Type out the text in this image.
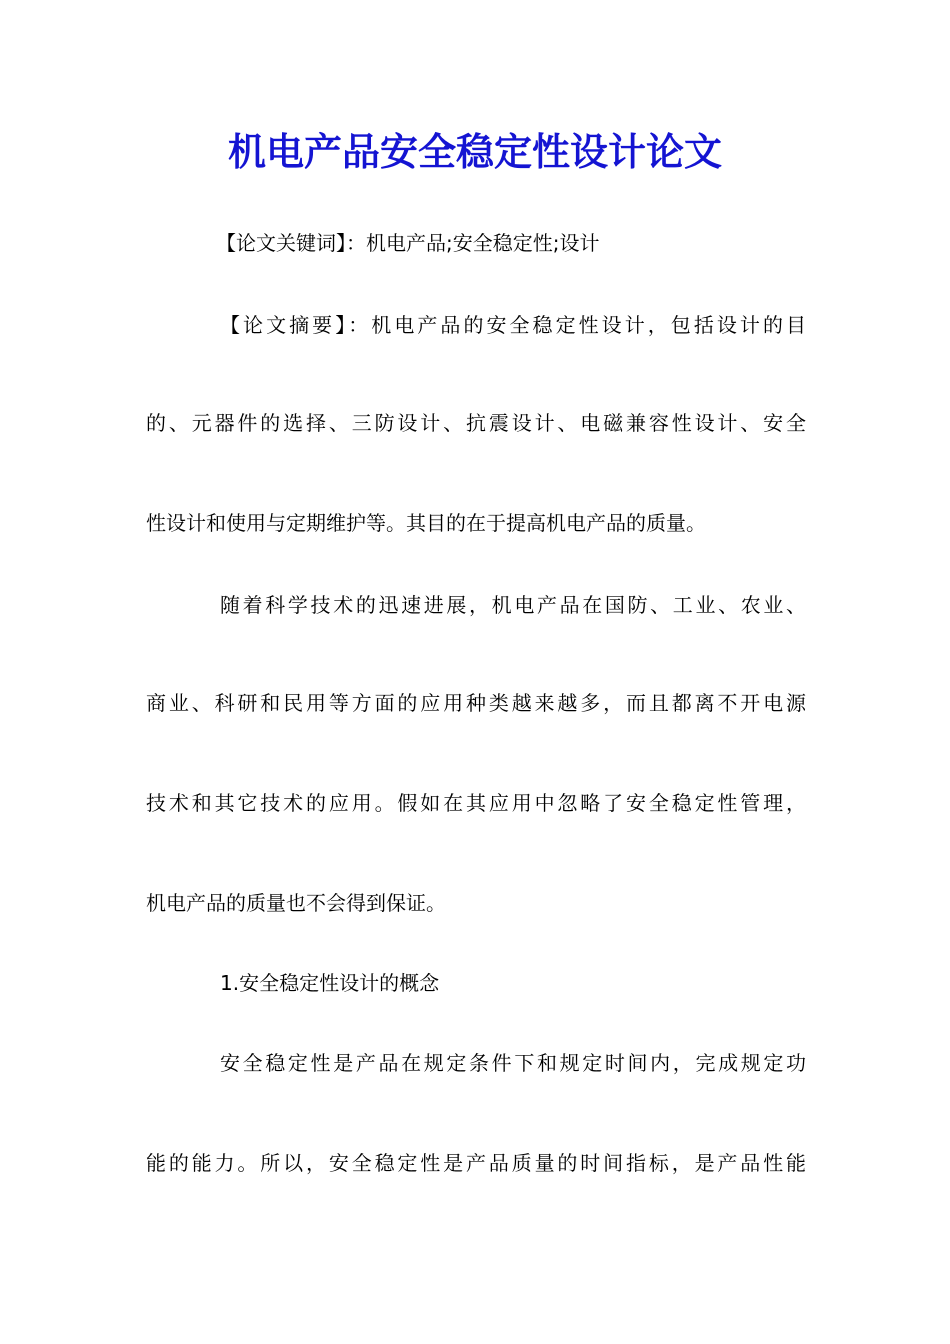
机电产品安全稳定性设计论文

【论文关键词】：机电产品;安全稳定性;设计

【论文摘要】：机电产品的安全稳定性设计，包括设计的目

的、元器件的选择、三防设计、抗震设计、电磁兼容性设计、安全

性设计和使用与定期维护等。其目的在于提高机电产品的质量。

随着科学技术的迅速进展，机电产品在国防、工业、农业、

商业、科研和民用等方面的应用种类越来越多，而且都离不开电源

技术和其它技术的应用。假如在其应用中忽略了安全稳定性管理，

机电产品的质量也不会得到保证。

1.安全稳定性设计的概念

安全稳定性是产品在规定条件下和规定时间内，完成规定功

能的能力。所以，安全稳定性是产品质量的时间指标，是产品性能
